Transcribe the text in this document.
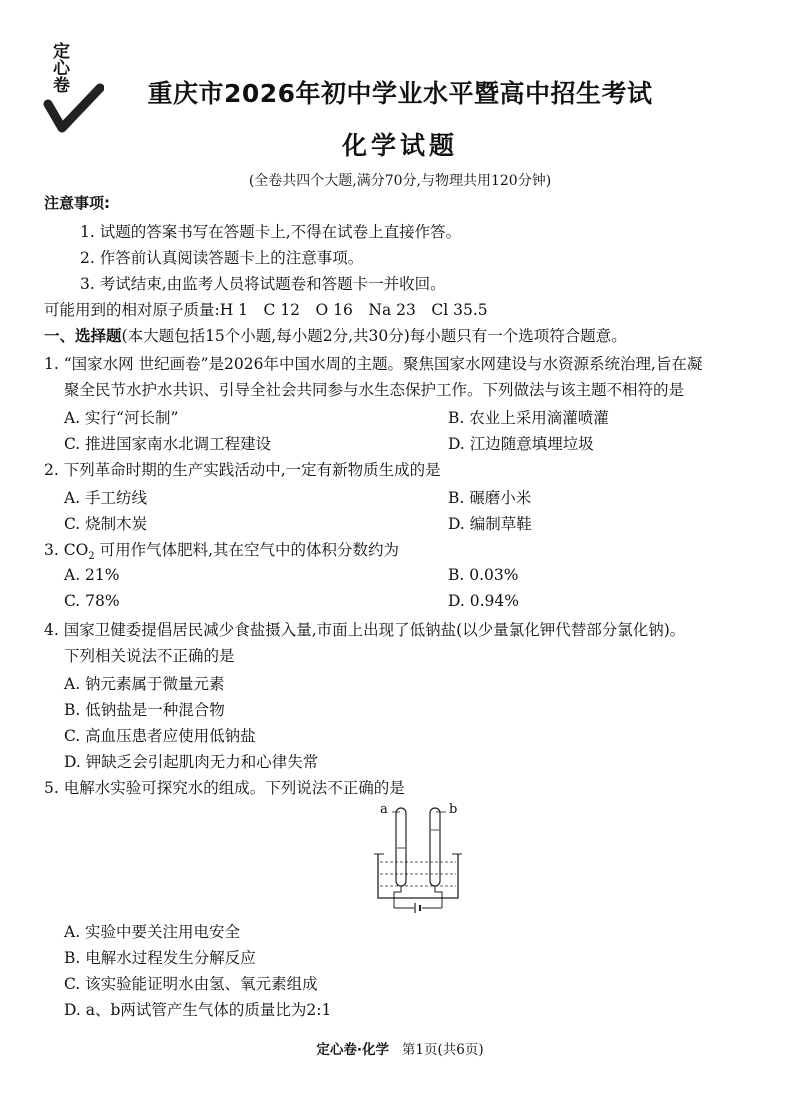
定心卷
重庆市2026年初中学业水平暨高中招生考试
化学试题
(全卷共四个大题,满分70分,与物理共用120分钟)
注意事项:
1. 试题的答案书写在答题卡上,不得在试卷上直接作答。
2. 作答前认真阅读答题卡上的注意事项。
3. 考试结束,由监考人员将试题卷和答题卡一并收回。
可能用到的相对原子质量:H 1　C 12　O 16　Na 23　Cl 35.5
一、选择题(本大题包括15个小题,每小题2分,共30分)每小题只有一个选项符合题意。
1. “国家水网 世纪画卷”是2026年中国水周的主题。聚焦国家水网建设与水资源系统治理,旨在凝
聚全民节水护水共识、引导全社会共同参与水生态保护工作。下列做法与该主题不相符的是
A. 实行“河长制”	B. 农业上采用滴灌喷灌
C. 推进国家南水北调工程建设	D. 江边随意填埋垃圾
2. 下列革命时期的生产实践活动中,一定有新物质生成的是
A. 手工纺线	B. 碾磨小米
C. 烧制木炭	D. 编制草鞋
3. $CO_2$ 可用作气体肥料,其在空气中的体积分数约为
A. 21%	B. 0.03%
C. 78%	D. 0.94%
4. 国家卫健委提倡居民减少食盐摄入量,市面上出现了低钠盐(以少量氯化钾代替部分氯化钠)。
下列相关说法不正确的是
A. 钠元素属于微量元素
B. 低钠盐是一种混合物
C. 高血压患者应使用低钠盐
D. 钾缺乏会引起肌肉无力和心律失常
5. 电解水实验可探究水的组成。下列说法不正确的是
a	b
A. 实验中要关注用电安全
B. 电解水过程发生分解反应
C. 该实验能证明水由氢、氧元素组成
D. a、b两试管产生气体的质量比为2:1
定心卷·化学 第1页(共6页)
